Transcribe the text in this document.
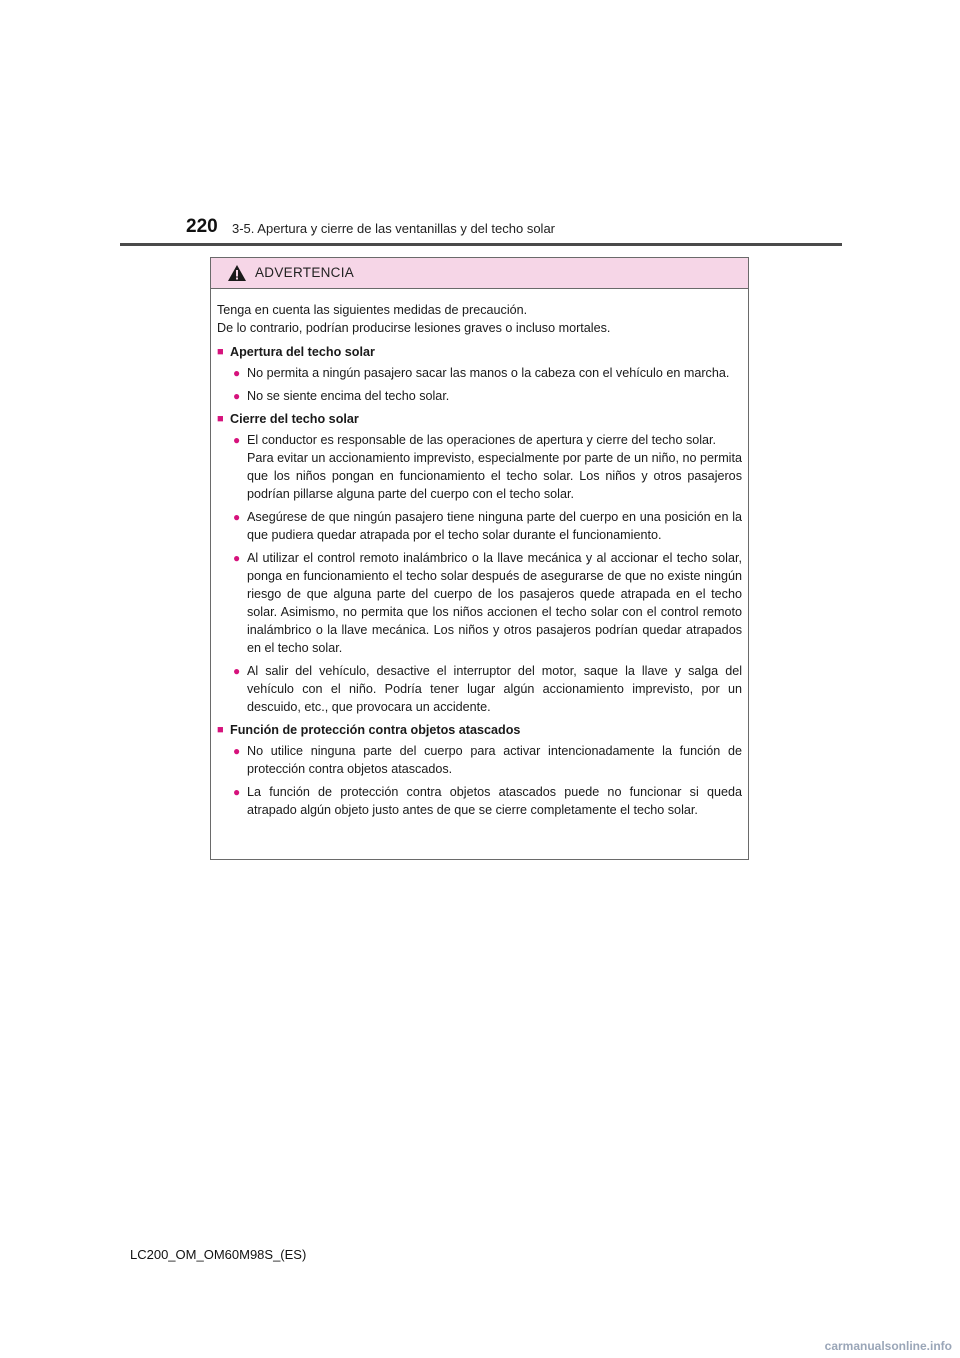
220 3-5. Apertura y cierre de las ventanillas y del techo solar
ADVERTENCIA
Tenga en cuenta las siguientes medidas de precaución.
De lo contrario, podrían producirse lesiones graves o incluso mortales.
■ Apertura del techo solar
● No permita a ningún pasajero sacar las manos o la cabeza con el vehículo en marcha.
● No se siente encima del techo solar.
■ Cierre del techo solar
● El conductor es responsable de las operaciones de apertura y cierre del techo solar.
Para evitar un accionamiento imprevisto, especialmente por parte de un niño, no permita que los niños pongan en funcionamiento el techo solar. Los niños y otros pasajeros podrían pillarse alguna parte del cuerpo con el techo solar.
● Asegúrese de que ningún pasajero tiene ninguna parte del cuerpo en una posición en la que pudiera quedar atrapada por el techo solar durante el funcionamiento.
● Al utilizar el control remoto inalámbrico o la llave mecánica y al accionar el techo solar, ponga en funcionamiento el techo solar después de asegurarse de que no existe ningún riesgo de que alguna parte del cuerpo de los pasajeros quede atrapada en el techo solar. Asimismo, no permita que los niños accionen el techo solar con el control remoto inalámbrico o la llave mecánica. Los niños y otros pasajeros podrían quedar atrapados en el techo solar.
● Al salir del vehículo, desactive el interruptor del motor, saque la llave y salga del vehículo con el niño. Podría tener lugar algún accionamiento imprevisto, por un descuido, etc., que provocara un accidente.
■ Función de protección contra objetos atascados
● No utilice ninguna parte del cuerpo para activar intencionadamente la función de protección contra objetos atascados.
● La función de protección contra objetos atascados puede no funcionar si queda atrapado algún objeto justo antes de que se cierre completamente el techo solar.
LC200_OM_OM60M98S_(ES)
carmanualsonline.info
